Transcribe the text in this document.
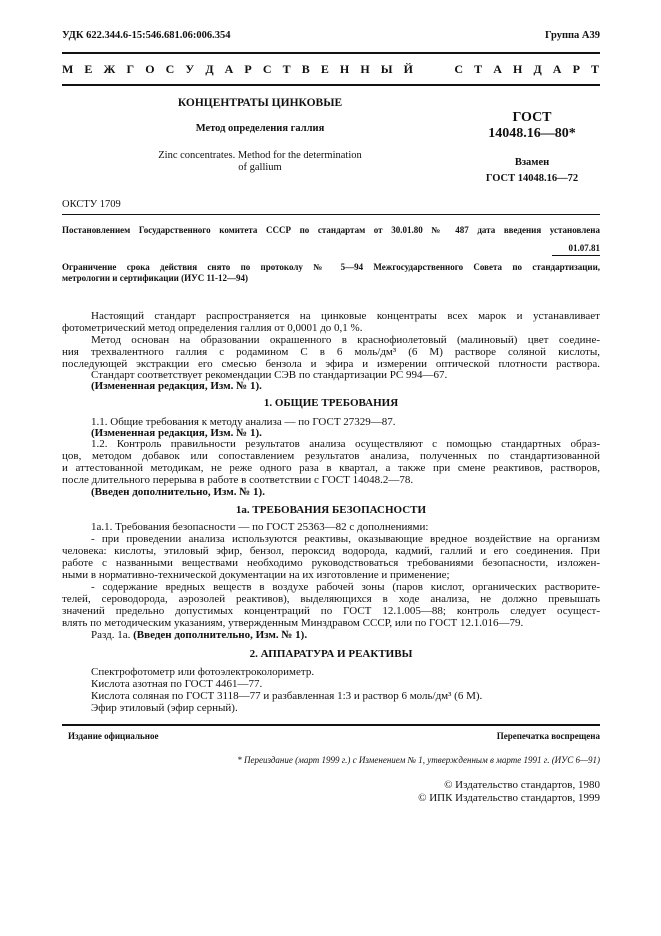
УДК 622.344.6-15:546.681.06:006.354	Группа А39
М Е Ж Г О С У Д А Р С Т В Е Н Н Ы Й    С Т А Н Д А Р Т
КОНЦЕНТРАТЫ ЦИНКОВЫЕ
Метод определения галлия
Zinc concentrates. Method for the determination
of gallium
ГОСТ
14048.16—80*
Взамен
ГОСТ 14048.16—72
ОКСТУ 1709
Постановлением Государственного комитета СССР по стандартам от 30.01.80 № 487 дата введения установлена
01.07.81
Ограничение срока действия снято по протоколу № 5—94 Межгосударственного Совета по стандартизации,
метрологии и сертификации (ИУС 11-12—94)
Настоящий стандарт распространяется на цинковые концентраты всех марок и устанавливает
фотометрический метод определения галлия от 0,0001 до 0,1 %.
Метод основан на образовании окрашенного в краснофиолетовый (малиновый) цвет соедине-
ния трехвалентного галлия с родамином С в 6 моль/дм³ (6 М) растворе соляной кислоты,
последующей экстракции его смесью бензола и эфира и измерении оптической плотности раствора.
Стандарт соответствует рекомендации СЭВ по стандартизации PC 994—67.
(Измененная редакция, Изм. № 1).
1. ОБЩИЕ ТРЕБОВАНИЯ
1.1. Общие требования к методу анализа — по ГОСТ 27329—87.
(Измененная редакция, Изм. № 1).
1.2. Контроль правильности результатов анализа осуществляют с помощью стандартных образ-
цов, методом добавок или сопоставлением результатов анализа, полученных по стандартизованной
и аттестованной методикам, не реже одного раза в квартал, а также при смене реактивов, растворов,
после длительного перерыва в работе в соответствии с ГОСТ 14048.2—78.
(Введен дополнительно, Изм. № 1).
1а. ТРЕБОВАНИЯ БЕЗОПАСНОСТИ
1а.1. Требования безопасности — по ГОСТ 25363—82 с дополнениями:
- при проведении анализа используются реактивы, оказывающие вредное воздействие на организм
человека: кислоты, этиловый эфир, бензол, пероксид водорода, кадмий, галлий и его соединения. При
работе с названными веществами необходимо руководствоваться требованиями безопасности, изложен-
ными в нормативно-технической документации на их изготовление и применение;
- содержание вредных веществ в воздухе рабочей зоны (паров кислот, органических растворите-
телей, сероводорода, аэрозолей реактивов), выделяющихся в ходе анализа, не должно превышать
значений предельно допустимых концентраций по ГОСТ 12.1.005—88; контроль следует осущест-
влять по методическим указаниям, утвержденным Минздравом СССР, или по ГОСТ 12.1.016—79.
Разд. 1а. (Введен дополнительно, Изм. № 1).
2. АППАРАТУРА И РЕАКТИВЫ
Спектрофотометр или фотоэлектроколориметр.
Кислота азотная по ГОСТ 4461—77.
Кислота соляная по ГОСТ 3118—77 и разбавленная 1:3 и раствор 6 моль/дм³ (6 М).
Эфир этиловый (эфир серный).
Издание официальное	Перепечатка воспрещена
* Переиздание (март 1999 г.) с Изменением № 1, утвержденным в марте 1991 г. (ИУС 6—91)
© Издательство стандартов, 1980
© ИПК Издательство стандартов, 1999
